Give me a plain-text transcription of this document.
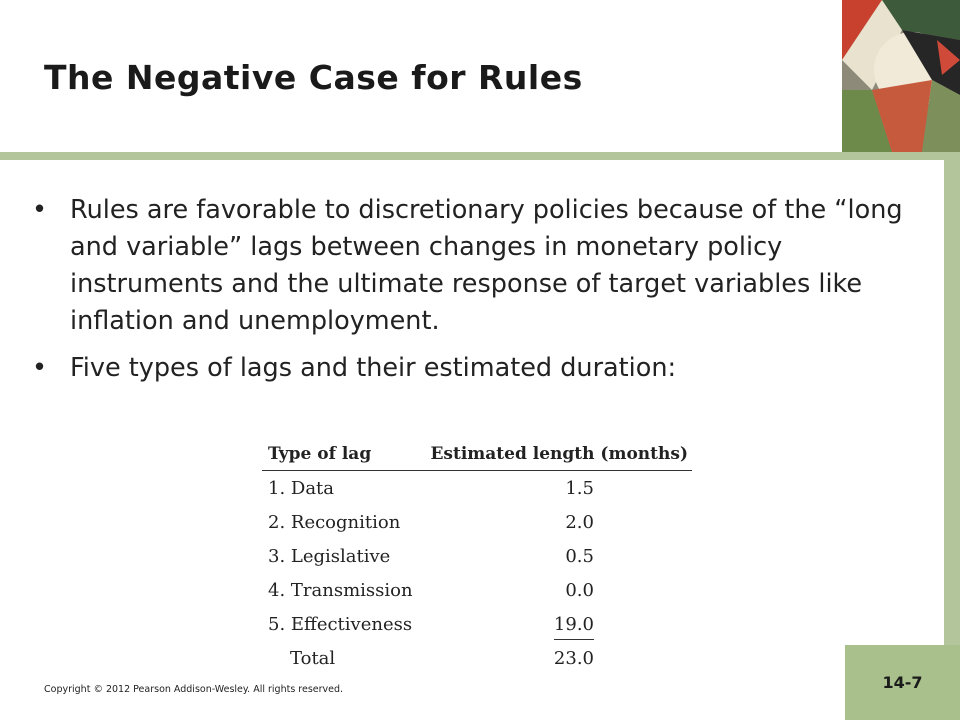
The Negative Case for Rules
• Rules are favorable to discretionary policies because of the “long and variable” lags between changes in monetary policy instruments and the ultimate response of target variables like inflation and unemployment.
• Five types of lags and their estimated duration:
Type of lag	Estimated length (months)
1. Data	1.5
2. Recognition	2.0
3. Legislative	0.5
4. Transmission	0.0
5. Effectiveness	19.0
Total	23.0
Copyright © 2012 Pearson Addison-Wesley. All rights reserved.	14-7
